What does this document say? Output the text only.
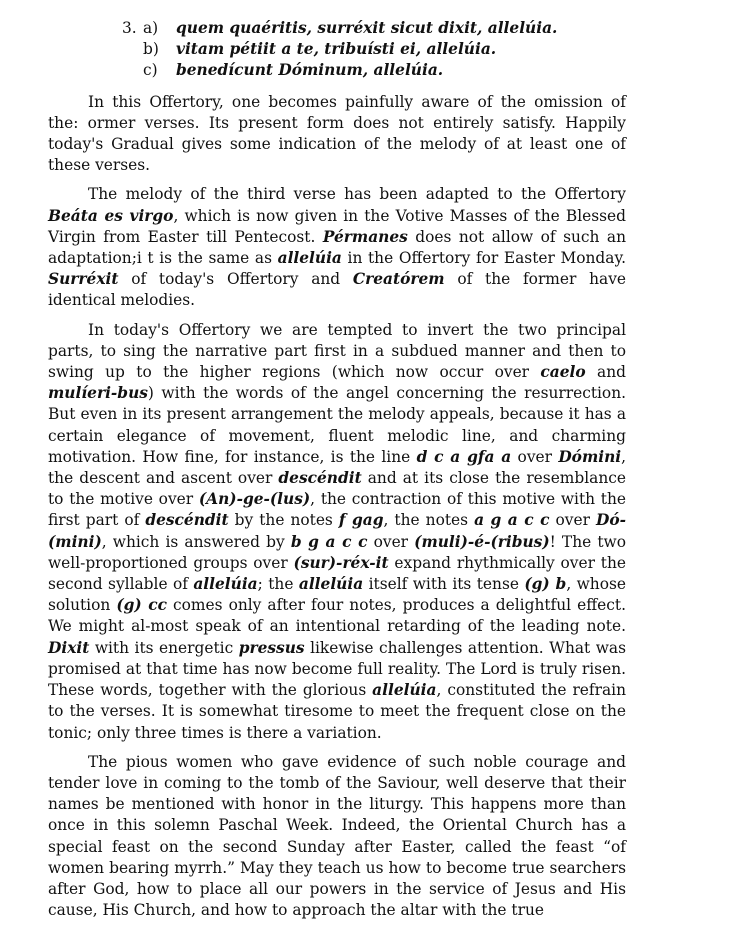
3. a)	quem quaéritis, surréxit sicut dixit, allelúia.
b)	vitam pétiit a te, tribuísti ei, allelúia.
c)	benedícunt Dóminum, allelúia.

In this Offertory, one becomes painfully aware of the omission of the: ormer verses. Its present form does not entirely satisfy. Happily today's Gradual gives some indication of the melody of at least one of these verses.

The melody of the third verse has been adapted to the Offertory Beáta es virgo, which is now given in the Votive Masses of the Blessed Virgin from Easter till Pentecost. Pérmanes does not allow of such an adaptation;i t is the same as allelúia in the Offertory for Easter Monday. Surréxit of today's Offertory and Creatórem of the former have identical melodies.

In today's Offertory we are tempted to invert the two principal parts, to sing the narrative part first in a subdued manner and then to swing up to the higher regions (which now occur over caelo and mulíeri-bus) with the words of the angel concerning the resurrection. But even in its present arrangement the melody appeals, because it has a certain elegance of movement, fluent melodic line, and charming motivation. How fine, for instance, is the line d c a gfa a over Dómini, the descent and ascent over descéndit and at its close the resemblance to the motive over (An)-ge-(lus), the contraction of this motive with the first part of descéndit by the notes f gag, the notes a g a c c over Dó-(mini), which is answered by b g a c c over (muli)-é-(ribus)! The two well-proportioned groups over (sur)-réx-it expand rhythmically over the second syllable of allelúia; the allelúia itself with its tense (g) b, whose solution (g) cc comes only after four notes, produces a delightful effect. We might al-most speak of an intentional retarding of the leading note. Dixit with its energetic pressus likewise challenges attention. What was promised at that time has now become full reality. The Lord is truly risen. These words, together with the glorious allelúia, constituted the refrain to the verses. It is somewhat tiresome to meet the frequent close on the tonic; only three times is there a variation.

The pious women who gave evidence of such noble courage and tender love in coming to the tomb of the Saviour, well deserve that their names be mentioned with honor in the liturgy. This happens more than once in this solemn Paschal Week. Indeed, the Oriental Church has a special feast on the second Sunday after Easter, called the feast “of women bearing myrrh.” May they teach us how to become true searchers after God, how to place all our powers in the service of Jesus and His cause, His Church, and how to approach the altar with the true
